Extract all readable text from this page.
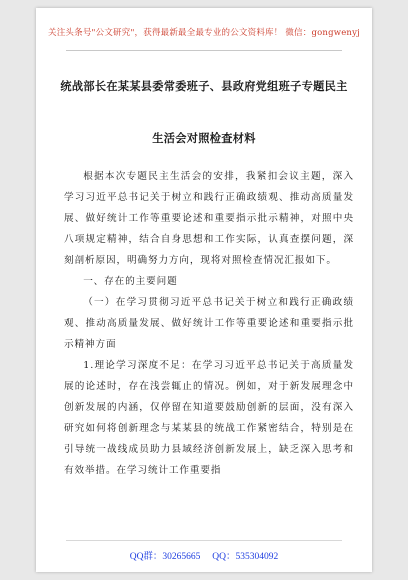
关注头条号"公文研究"，获得最新最全最专业的公文资料库！ 微信：gongwenyj
统战部长在某某县委常委班子、县政府党组班子专题民主
生活会对照检查材料

根据本次专题民主生活会的安排，我紧扣会议主题，深入学习习近平总书记关于树立和践行正确政绩观、推动高质量发展、做好统计工作等重要论述和重要指示批示精神，对照中央八项规定精神，结合自身思想和工作实际，认真查摆问题，深刻剖析原因，明确努力方向，现将对照检查情况汇报如下。

一、存在的主要问题

（一）在学习贯彻习近平总书记关于树立和践行正确政绩观、推动高质量发展、做好统计工作等重要论述和重要指示批示精神方面

1.理论学习深度不足：在学习习近平总书记关于高质量发展的论述时，存在浅尝辄止的情况。例如，对于新发展理念中创新发展的内涵，仅停留在知道要鼓励创新的层面，没有深入研究如何将创新理念与某某县的统战工作紧密结合，特别是在引导统一战线成员助力县域经济创新发展上，缺乏深入思考和有效举措。在学习统计工作重要指

QQ群：30265665     QQ：535304092
